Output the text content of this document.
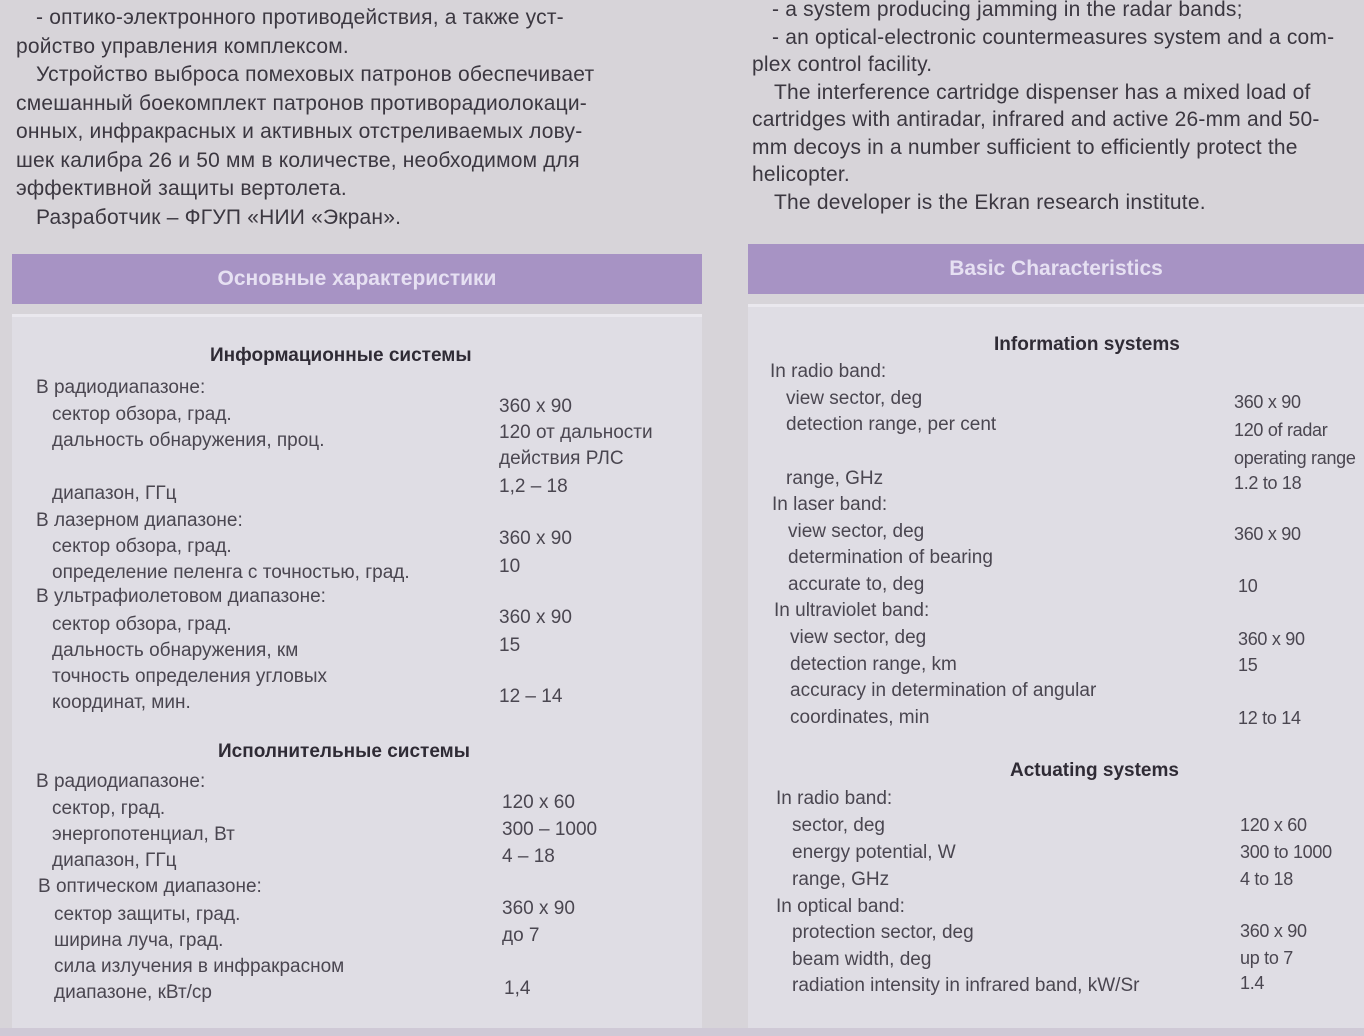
- оптико-электронного противодействия, а также уст-

ройство управления комплексом.

Устройство выброса помеховых патронов обеспечивает

смешанный боекомплект патронов противорадиолокаци-

онных, инфракрасных и активных отстреливаемых лову-

шек калибра 26 и 50 мм в количестве, необходимом для

эффективной защиты вертолета.

Разработчик – ФГУП «НИИ «Экран».

Основные характеристики
Информационные системы
В радиодиапазоне:
сектор обзора, град.	360 x 90
дальность обнаружения, проц.	120 от дальности
действия РЛС
диапазон, ГГц	1,2 – 18
В лазерном диапазоне:
сектор обзора, град.	360 x 90
определение пеленга с точностью, град.	10
В ультрафиолетовом диапазоне:
сектор обзора, град.	360 x 90
дальность обнаружения, км	15
точность определения угловых
координат, мин.	12 – 14
Исполнительные системы
В радиодиапазоне:
сектор, град.	120 x 60
энергопотенциал, Вт	300 – 1000
диапазон, ГГц	4 – 18
В оптическом диапазоне:
сектор защиты, град.	360 x 90
ширина луча, град.	до 7
сила излучения в инфракрасном
диапазоне, кВт/ср	1,4

- a system producing jamming in the radar bands;

- an optical-electronic countermeasures system and a com-

plex control facility.

The interference cartridge dispenser has a mixed load of

cartridges with antiradar, infrared and active 26-mm and 50-

mm decoys in a number sufficient to efficiently protect the

helicopter.

The developer is the Ekran research institute.

Basic Characteristics
Information systems
In radio band:
view sector, deg	360 x 90
detection range, per cent	120 of radar
operating range
range, GHz	1.2 to 18
In laser band:
view sector, deg	360 x 90
determination of bearing
accurate to, deg	10
In ultraviolet band:
view sector, deg	360 x 90
detection range, km	15
accuracy in determination of angular
coordinates, min	12 to 14
Actuating systems
In radio band:
sector, deg	120 x 60
energy potential, W	300 to 1000
range, GHz	4 to 18
In optical band:
protection sector, deg	360 x 90
beam width, deg	up to 7
radiation intensity in infrared band, kW/Sr	1.4
